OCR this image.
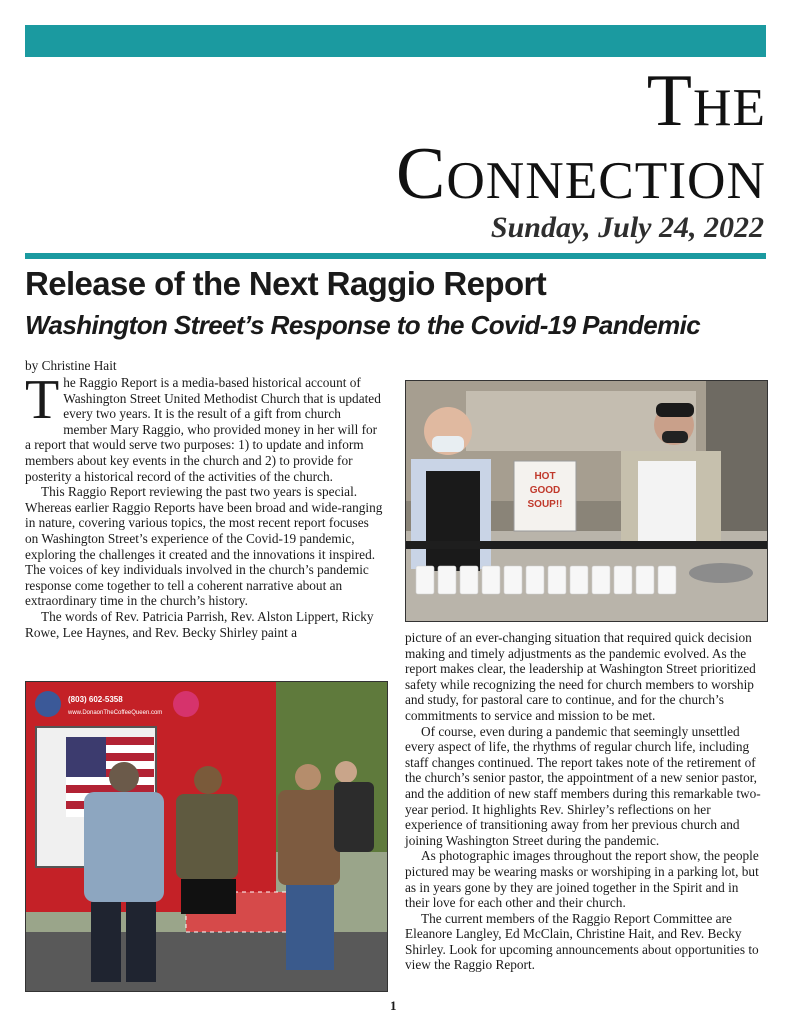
THE
CONNECTION
Sunday, July 24, 2022
Release of the Next Raggio Report
Washington Street’s Response to the Covid-19 Pandemic
by Christine Hait

The Raggio Report is a media-based historical account of Washington Street United Methodist Church that is updated every two years. It is the result of a gift from church member Mary Raggio, who provided money in her will for a report that would serve two purposes: 1) to update and inform members about key events in the church and 2) to provide for posterity a historical record of the activities of the church.

This Raggio Report reviewing the past two years is special. Whereas earlier Raggio Reports have been broad and wide-ranging in nature, covering various topics, the most recent report focuses on Washington Street’s experience of the Covid-19 pandemic, exploring the challenges it created and the innovations it inspired. The voices of key individuals involved in the church’s pandemic response come together to tell a coherent narrative about an extraordinary time in the church’s history.

The words of Rev. Patricia Parrish, Rev. Alston Lippert, Ricky Rowe, Lee Haynes, and Rev. Becky Shirley paint a

HOT
GOOD
SOUP!!
(803) 602-5358
www.DonaonTheCoffeeQueen.com

picture of an ever-changing situation that required quick decision making and timely adjustments as the pandemic evolved. As the report makes clear, the leadership at Washington Street prioritized safety while recognizing the need for church members to worship and study, for pastoral care to continue, and for the church’s commitments to service and mission to be met.

Of course, even during a pandemic that seemingly unsettled every aspect of life, the rhythms of regular church life, including staff changes continued. The report takes note of the retirement of the church’s senior pastor, the appointment of a new senior pastor, and the addition of new staff members during this remarkable two-year period. It highlights Rev. Shirley’s reflections on her experience of transitioning away from her previous church and joining Washington Street during the pandemic.

As photographic images throughout the report show, the people pictured may be wearing masks or worshiping in a parking lot, but as in years gone by they are joined together in the Spirit and in their love for each other and their church.

The current members of the Raggio Report Committee are Eleanore Langley, Ed McClain, Christine Hait, and Rev. Becky Shirley. Look for upcoming announcements about opportunities to view the Raggio Report.

1
